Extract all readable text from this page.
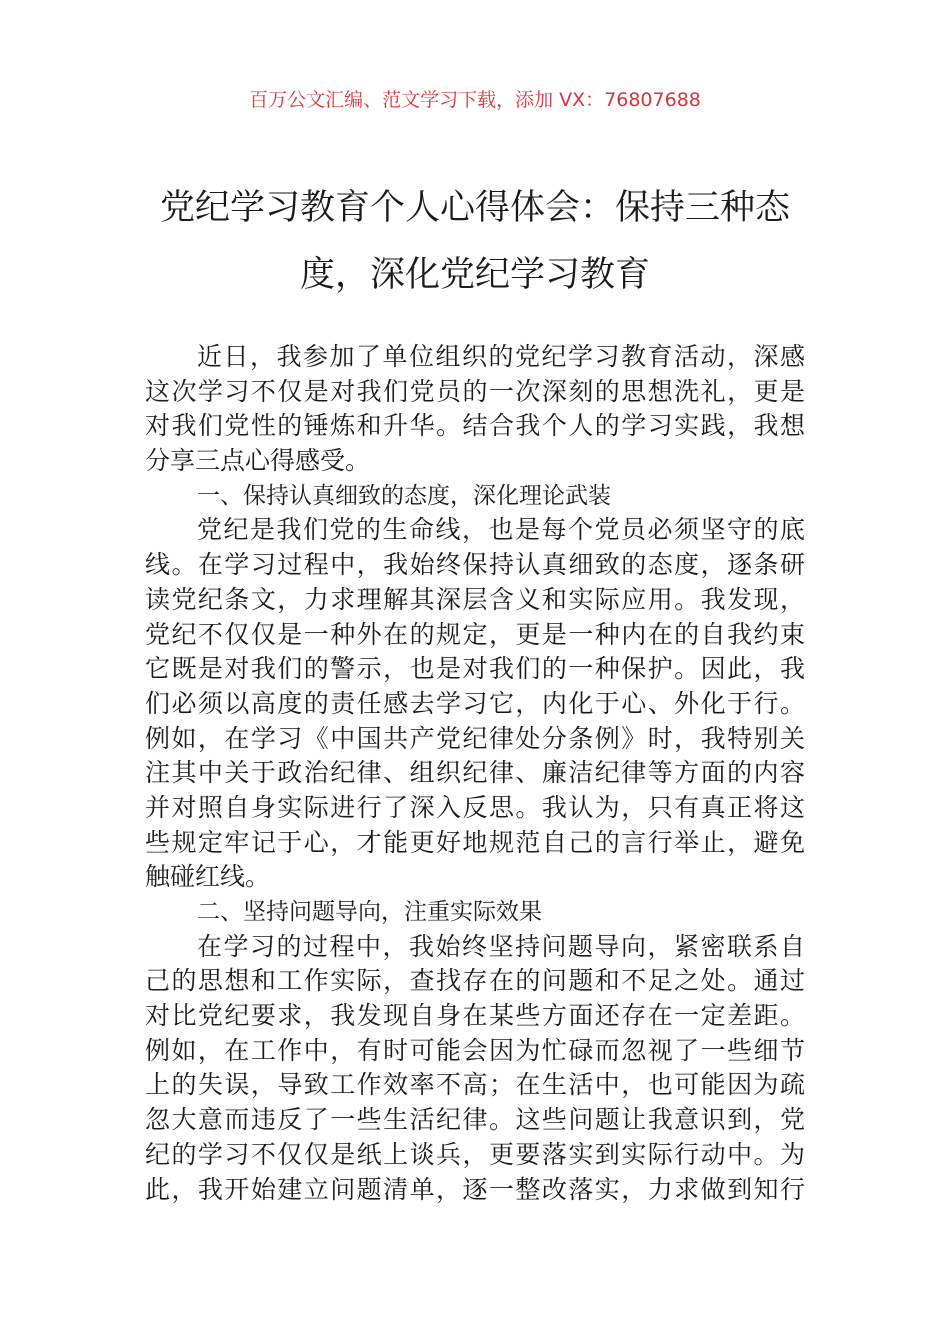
百万公文汇编、范文学习下载，添加 VX：76807688
党纪学习教育个人心得体会：保持三种态
度，深化党纪学习教育
近日，我参加了单位组织的党纪学习教育活动，深感
这次学习不仅是对我们党员的一次深刻的思想洗礼，更是
对我们党性的锤炼和升华。结合我个人的学习实践，我想
分享三点心得感受。
一、保持认真细致的态度，深化理论武装
党纪是我们党的生命线，也是每个党员必须坚守的底
线。在学习过程中，我始终保持认真细致的态度，逐条研
读党纪条文，力求理解其深层含义和实际应用。我发现，
党纪不仅仅是一种外在的规定，更是一种内在的自我约束
它既是对我们的警示，也是对我们的一种保护。因此，我
们必须以高度的责任感去学习它，内化于心、外化于行。
例如，在学习《中国共产党纪律处分条例》时，我特别关
注其中关于政治纪律、组织纪律、廉洁纪律等方面的内容
并对照自身实际进行了深入反思。我认为，只有真正将这
些规定牢记于心，才能更好地规范自己的言行举止，避免
触碰红线。
二、坚持问题导向，注重实际效果
在学习的过程中，我始终坚持问题导向，紧密联系自
己的思想和工作实际，查找存在的问题和不足之处。通过
对比党纪要求，我发现自身在某些方面还存在一定差距。
例如，在工作中，有时可能会因为忙碌而忽视了一些细节
上的失误，导致工作效率不高；在生活中，也可能因为疏
忽大意而违反了一些生活纪律。这些问题让我意识到，党
纪的学习不仅仅是纸上谈兵，更要落实到实际行动中。为
此，我开始建立问题清单，逐一整改落实，力求做到知行
